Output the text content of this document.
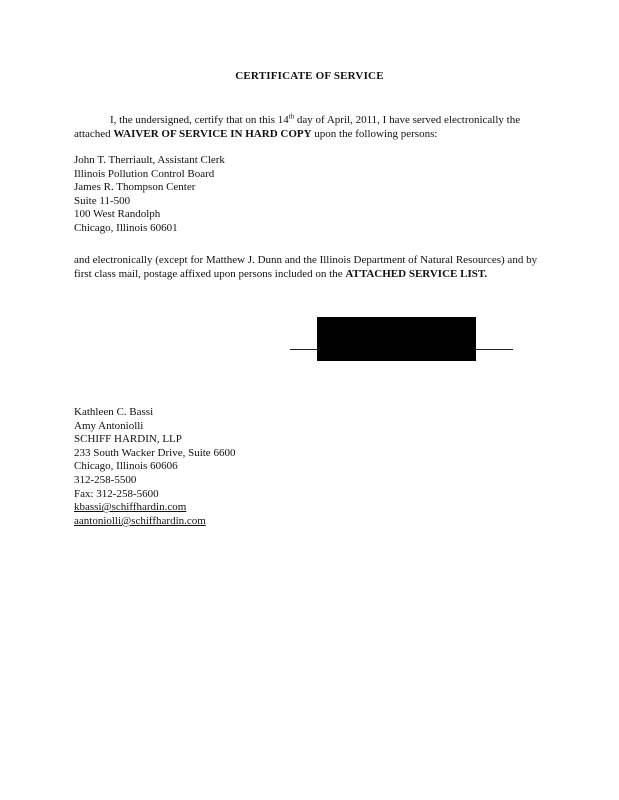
CERTIFICATE OF SERVICE
I, the undersigned, certify that on this 14th day of April, 2011, I have served electronically the attached WAIVER OF SERVICE IN HARD COPY upon the following persons:
John T. Therriault, Assistant Clerk
Illinois Pollution Control Board
James R. Thompson Center
Suite 11-500
100 West Randolph
Chicago, Illinois 60601
and electronically (except for Matthew J. Dunn and the Illinois Department of Natural Resources) and by first class mail, postage affixed upon persons included on the ATTACHED SERVICE LIST.
Kathleen C. Bassi
Amy Antoniolli
SCHIFF HARDIN, LLP
233 South Wacker Drive, Suite 6600
Chicago, Illinois 60606
312-258-5500
Fax: 312-258-5600
kbassi@schiffhardin.com
aantoniolli@schiffhardin.com
